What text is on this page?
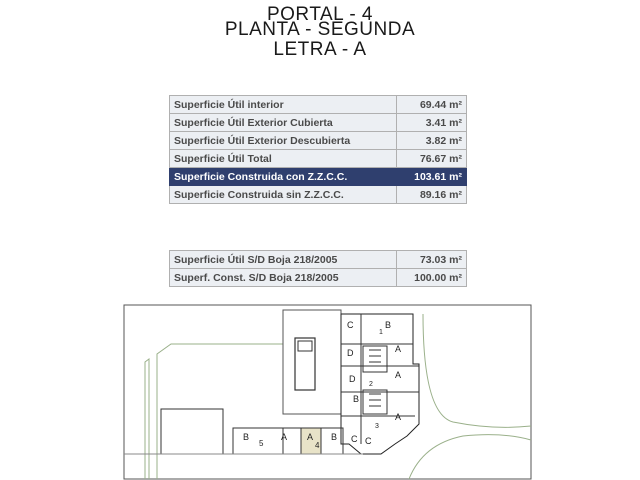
PORTAL - 4
PLANTA - SEGUNDA
LETRA - A
Superficie Útil interior	69.44 m²
Superficie Útil Exterior Cubierta	3.41 m²
Superficie Útil Exterior Descubierta	3.82 m²
Superficie Útil Total	76.67 m²
Superficie Construida con Z.Z.C.C.	103.61 m²
Superficie Construida sin Z.Z.C.C.	89.16 m²
Superficie Útil S/D Boja 218/2005	73.03 m²
Superf. Const. S/D Boja 218/2005	100.00 m²
C	B
D	A
D	A
B
A
C
2
3
1
B
5
A A
4
B C
